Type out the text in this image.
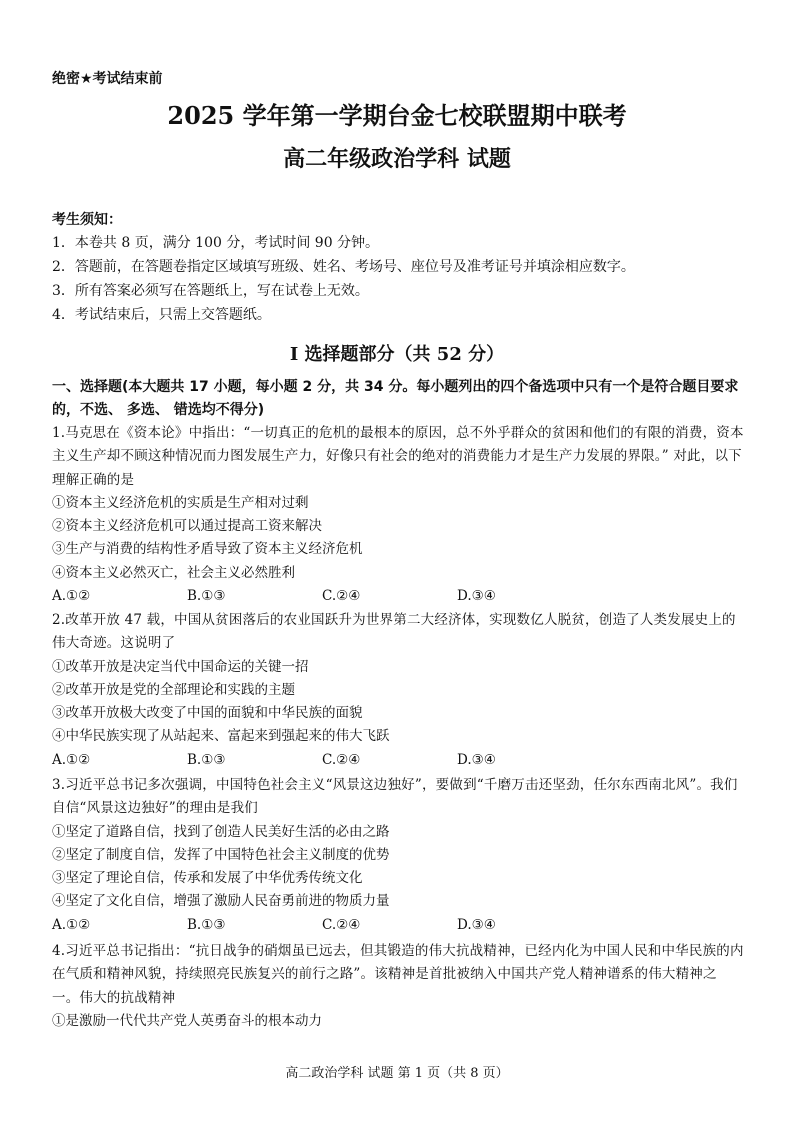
绝密★考试结束前
2025 学年第一学期台金七校联盟期中联考
高二年级政治学科 试题
考生须知：
1．本卷共 8 页，满分 100 分，考试时间 90 分钟。
2．答题前，在答题卷指定区域填写班级、姓名、考场号、座位号及准考证号并填涂相应数字。
3．所有答案必须写在答题纸上，写在试卷上无效。
4．考试结束后，只需上交答题纸。
I 选择题部分（共 52 分）
一、选择题(本大题共 17 小题，每小题 2 分，共 34 分。每小题列出的四个备选项中只有一个是符合题目要求的，不选、 多选、 错选均不得分)
1.马克思在《资本论》中指出：“一切真正的危机的最根本的原因，总不外乎群众的贫困和他们的有限的消费，资本主义生产却不顾这种情况而力图发展生产力，好像只有社会的绝对的消费能力才是生产力发展的界限。” 对此，以下理解正确的是
①资本主义经济危机的实质是生产相对过剩
②资本主义经济危机可以通过提高工资来解决
③生产与消费的结构性矛盾导致了资本主义经济危机
④资本主义必然灭亡，社会主义必然胜利
A.①②	B.①③	C.②④	D.③④
2.改革开放 47 载，中国从贫困落后的农业国跃升为世界第二大经济体，实现数亿人脱贫，创造了人类发展史上的伟大奇迹。这说明了
①改革开放是决定当代中国命运的关键一招
②改革开放是党的全部理论和实践的主题
③改革开放极大改变了中国的面貌和中华民族的面貌
④中华民族实现了从站起来、富起来到强起来的伟大飞跃
A.①②	B.①③	C.②④	D.③④
3.习近平总书记多次强调，中国特色社会主义“风景这边独好”，要做到“千磨万击还坚劲，任尔东西南北风”。我们自信“风景这边独好”的理由是我们
①坚定了道路自信，找到了创造人民美好生活的必由之路
②坚定了制度自信，发挥了中国特色社会主义制度的优势
③坚定了理论自信，传承和发展了中华优秀传统文化
④坚定了文化自信，增强了激励人民奋勇前进的物质力量
A.①②	B.①③	C.②④	D.③④
4.习近平总书记指出：“抗日战争的硝烟虽已远去，但其锻造的伟大抗战精神，已经内化为中国人民和中华民族的内在气质和精神风貌，持续照亮民族复兴的前行之路”。该精神是首批被纳入中国共产党人精神谱系的伟大精神之一。伟大的抗战精神
①是激励一代代共产党人英勇奋斗的根本动力
高二政治学科 试题 第 1 页（共 8 页）
